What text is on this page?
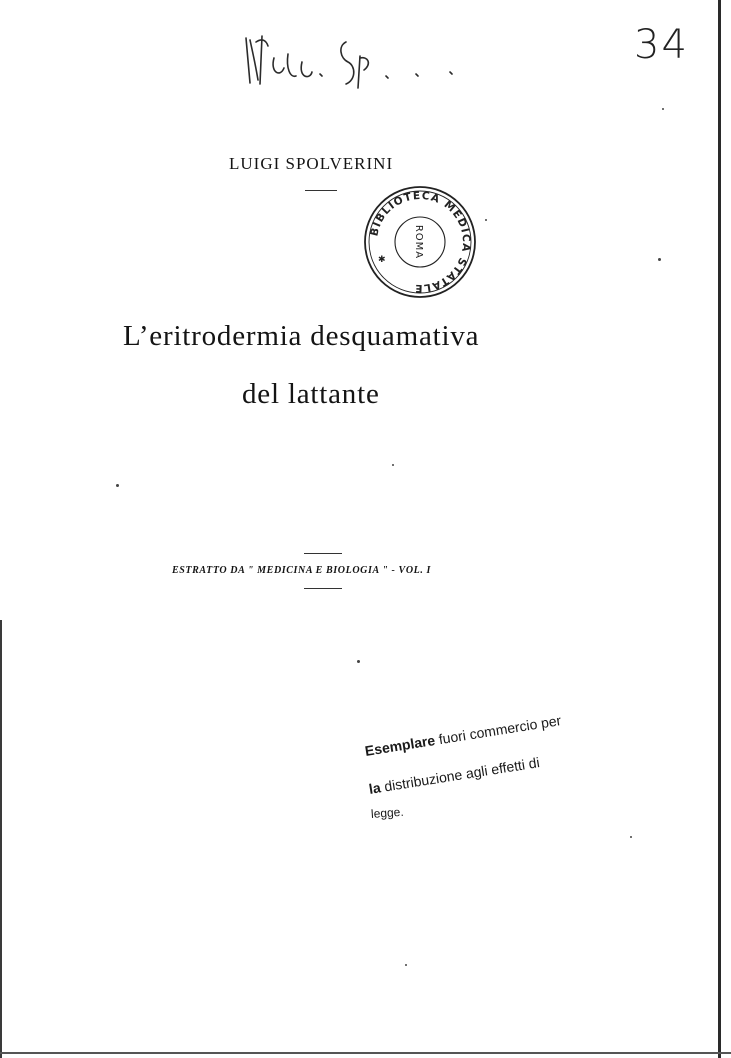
34
LUIGI SPOLVERINI
BIBLIOTECA MEDICA STATALE
ROMA
✱
L’eritrodermia desquamativa
del lattante
ESTRATTO DA " MEDICINA E BIOLOGIA " - VOL. I
Esemplare fuori commercio per
la distribuzione agli effetti di
legge.
